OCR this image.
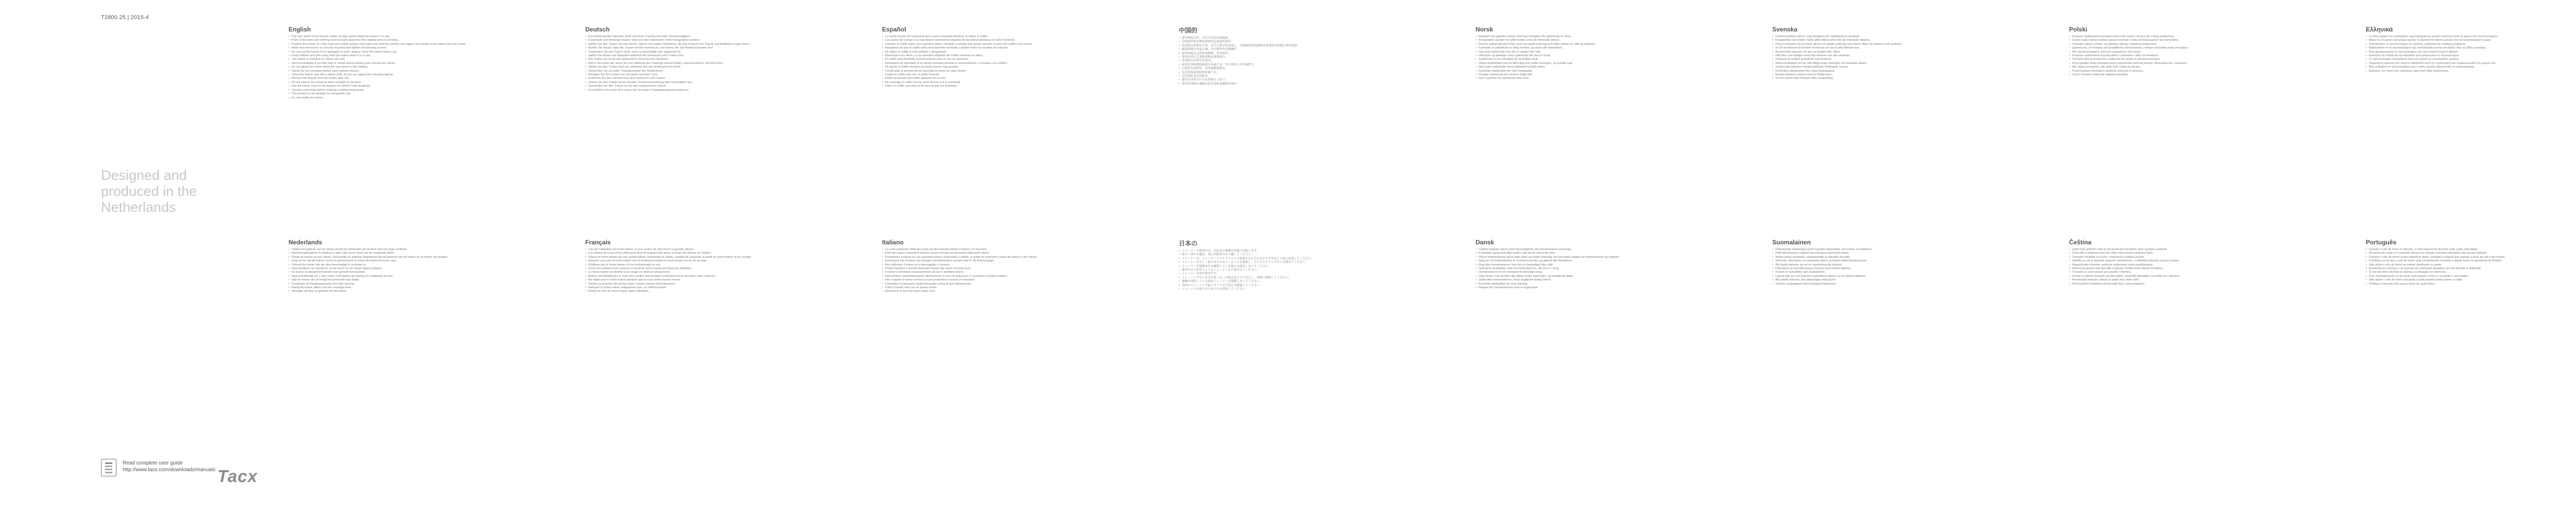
T2800.25 | 2015-4
Designed and produced in the Netherlands
Read complete user guide
http://www.tacx.com/downloads/manuals Tacx
English
• The rear wheel of the bicycle rotates at high speed whilst the trainer is in use.
• Parts of the body and clothing must be kept away from the rotating parts at all times.
• Position the trainer on a flat, level and stable surface and make sure that the surface can support the weight of the trainer plus the cyclist.
• Make sure the trainer is correctly mounted and tighten all clamping screws.
• Do not use the trainer if it is damaged or worn, always check the trainer before use.
• Keep children and pets away from the trainer when it is in use.
• The trainer is intended for indoor use only.
• Stop immediately if you feel faint or unwell during training and consult your doctor.
• Do not adjust the trainer while the rear wheel is still rotating.
• Check the tyre pressure before each training session.
• Clean the trainer only with a damp cloth, do not use aggressive cleaning agents.
• Remove the bicycle from the trainer after use.
• Do not expose the trainer to direct sunlight or moisture.
• Use the trainer only for the purpose for which it was designed.
• Consult a physician before starting a training programme.
• This product is not suitable for therapeutic use.
• Do not modify the trainer.
Deutsch
• Das Hinterrad des Fahrrads dreht sich beim Training mit hoher Geschwindigkeit.
• Körperteile und Kleidung müssen stets von den rotierenden Teilen ferngehalten werden.
• Stellen Sie den Trainer auf eine flache, ebene und stabile Oberfläche, die das Gewicht von Trainer und Radfahrer tragen kann.
• Achten Sie darauf, dass der Trainer korrekt montiert ist, und ziehen Sie alle Klemmschrauben fest.
• Verwenden Sie den Trainer nicht, wenn er beschädigt oder abgenutzt ist.
• Halten Sie Kinder und Haustiere während des Gebrauchs vom Trainer fern.
• Der Trainer ist nur für den Gebrauch in Innenräumen bestimmt.
• Hören Sie sofort auf, wenn Sie sich während des Trainings unwohl fühlen, und konsultieren Sie Ihren Arzt.
• Stellen Sie den Trainer nicht ein, während sich das Hinterrad noch dreht.
• Überprüfen Sie vor jeder Trainingseinheit den Reifendruck.
• Reinigen Sie den Trainer nur mit einem feuchten Tuch.
• Entfernen Sie das Fahrrad nach dem Gebrauch vom Trainer.
• Setzen Sie den Trainer keiner direkten Sonneneinstrahlung oder Feuchtigkeit aus.
• Verwenden Sie den Trainer nur für den vorgesehenen Zweck.
• Konsultieren Sie einen Arzt, bevor Sie mit einem Trainingsprogramm beginnen.
Español
• La rueda trasera de la bicicleta gira a gran velocidad mientras se utiliza el rodillo.
• Las partes del cuerpo y la ropa deben mantenerse alejadas de las piezas giratorias en todo momento.
• Coloque el rodillo sobre una superficie plana, nivelada y estable que pueda soportar el peso del rodillo y del ciclista.
• Asegúrese de que el rodillo esté correctamente montado y apriete todos los tornillos de sujeción.
• No utilice el rodillo si está dañado o desgastado.
• Mantenga a los niños y a los animales alejados del rodillo mientras se utiliza.
• El rodillo está diseñado exclusivamente para su uso en interiores.
• Deténgase de inmediato si se siente mareado durante el entrenamiento y consulte a su médico.
• No ajuste el rodillo mientras la rueda trasera siga girando.
• Compruebe la presión de los neumáticos antes de cada sesión.
• Limpie el rodillo solo con un paño húmedo.
• Retire la bicicleta del rodillo después de su uso.
• No exponga el rodillo a la luz solar directa ni a la humedad.
• Utilice el rodillo solo para el fin para el que fue diseñado.
中国的
• 使用训练台时，自行车后轮高速旋转。
• 身体部位和衣物必须始终远离旋转部件。
• 将训练台放置在平坦、水平且稳定的表面上，并确保该表面能够承受训练台和骑行者的重量。
• 确保训练台安装正确，并拧紧所有夹紧螺钉。
• 如果训练台已损坏或磨损，请勿使用。
• 使用时请让儿童和宠物远离训练台。
• 本训练台仅供室内使用。
• 如果在训练期间感到头晕或不适，请立即停止并咨询医生。
• 后轮仍在旋转时，请勿调整训练台。
• 每次训练前请检查轮胎气压。
• 仅用湿布清洁训练台。
• 使用后请将自行车从训练台上取下。
• 请勿将训练台暴露在阳光直射或潮湿环境中。
Norsk
• Bakhjulet på sykkelen roterer med høy hastighet når sykkelrulla er i bruk.
• Kroppsdeler og klær må alltid holdes unna de roterende delene.
• Plasser sykkelrulla på et flatt, jevnt og stabilt underlag som tåler vekten av rulla og syklisten.
• Kontroller at sykkelrulla er riktig montert, og stram alle klemskruer.
• Ikke bruk sykkelrulla hvis den er skadet eller slitt.
• Hold barn og kjæledyr unna sykkelrulla når den er i bruk.
• Sykkelrulla er kun beregnet for innendørs bruk.
• Stopp umiddelbart hvis du føler deg uvel under treningen, og kontakt lege.
• Ikke juster sykkelrulla mens bakhjulet fortsatt roterer.
• Kontroller dekktrykket før hver treningsøkt.
• Rengjør sykkelrulla kun med en fuktig klut.
• Fjern sykkelen fra sykkelrulla etter bruk.
Svenska
• Cykelns bakhjul roterar i hög hastighet när cykeltränaren används.
• Kroppsdelar och kläder måste alltid hållas borta från de roterande delarna.
• Placera tränaren på ett plant, jämnt och stabilt underlag som klarar vikten av tränaren och cyklisten.
• Se till att tränaren är korrekt monterad och dra åt alla klämskruvar.
• Använd inte tränaren om den är skadad eller sliten.
• Håll barn och husdjur borta från tränaren när den används.
• Tränaren är endast avsedd för inomhusbruk.
• Sluta omedelbart om du mår dåligt under träningen och kontakta läkare.
• Justera inte tränaren medan bakhjulet fortfarande roterar.
• Kontrollera däcktrycket före varje träningspass.
• Rengör tränaren endast med en fuktig trasa.
• Ta bort cykeln från tränaren efter användning.
Polski
• Podczas użytkowania trenażera tylne koło roweru obraca się z dużą prędkością.
• Części ciała i odzież należy zawsze trzymać z dala od obracających się elementów.
• Trenażer należy ustawić na płaskiej, równej i stabilnej powierzchni.
• Upewnij się, że trenażer jest prawidłowo zamontowany, i dokręć wszystkie śruby mocujące.
• Nie używaj trenażera, jeśli jest uszkodzony lub zużyty.
• Podczas użytkowania trzymaj dzieci i zwierzęta z dala od trenażera.
• Trenażer jest przeznaczony wyłącznie do użytku w pomieszczeniach.
• W przypadku złego samopoczucia natychmiast przerwij trening i skonsultuj się z lekarzem.
• Nie reguluj trenażera, gdy tylne koło nadal się obraca.
• Przed każdym treningiem sprawdź ciśnienie w oponach.
• Czyść trenażer wyłącznie wilgotną szmatką.
Ελληνικά
• Ο πίσω τροχός του ποδηλάτου περιστρέφεται με μεγάλη ταχύτητα κατά τη χρήση του προπονητηρίου.
• Μέρη του σώματος και ρούχα πρέπει να βρίσκονται πάντα μακριά από τα περιστρεφόμενα μέρη.
• Τοποθετήστε το προπονητήριο σε επίπεδη, οριζόντια και σταθερή επιφάνεια.
• Βεβαιωθείτε ότι το προπονητήριο έχει τοποθετηθεί σωστά και σφίξτε όλες τις βίδες σύσφιξης.
• Μην χρησιμοποιείτε το προπονητήριο εάν έχει υποστεί ζημιά ή φθορά.
• Κρατήστε τα παιδιά και τα κατοικίδια ζώα μακριά από το προπονητήριο.
• Το προπονητήριο προορίζεται μόνο για χρήση σε εσωτερικούς χώρους.
• Σταματήστε αμέσως εάν νιώσετε αδιαθεσία κατά την προπόνηση και συμβουλευτείτε τον γιατρό σας.
• Μην ρυθμίζετε το προπονητήριο ενώ ο πίσω τροχός εξακολουθεί να περιστρέφεται.
• Ελέγχετε την πίεση των ελαστικών πριν από κάθε προπόνηση.
Nederlands
• Tijdens het gebruik van de trainer draait het achterwiel van de fiets met een hoge snelheid.
• Houd lichaamsdelen en kleding te allen tijde uit de buurt van de draaiende delen.
• Plaats de trainer op een vlakke, horizontale en stabiele ondergrond die het gewicht van de trainer en de fietser kan dragen.
• Zorg ervoor dat de trainer correct is gemonteerd en draai alle klemschroeven vast.
• Gebruik de trainer niet als deze beschadigd of versleten is.
• Houd kinderen en huisdieren uit de buurt van de trainer tijdens gebruik.
• De trainer is uitsluitend bedoeld voor gebruik binnenshuis.
• Stop onmiddellijk als u zich onwel voelt tijdens de training en raadpleeg uw arts.
• Stel de trainer niet af terwijl het achterwiel nog draait.
• Controleer de bandenspanning voor elke training.
• Reinig de trainer alleen met een vochtige doek.
• Verwijder de fiets na gebruik van de trainer.
Français
• Lors de l'utilisation du home trainer, la roue arrière du vélo tourne à grande vitesse.
• Les parties du corps et les vêtements doivent toujours être tenus à l'écart des pièces en rotation.
• Placez le home trainer sur une surface plane, horizontale et stable, capable de supporter le poids du home trainer et du cycliste.
• Assurez-vous que le home trainer est correctement monté et serrez toutes les vis de serrage.
• N'utilisez pas le home trainer s'il est endommagé ou usé.
• Tenez les enfants et les animaux à l'écart du home trainer pendant son utilisation.
• Le home trainer est destiné à un usage en intérieur uniquement.
• Arrêtez immédiatement si vous vous sentez mal pendant l'entraînement et consultez votre médecin.
• Ne réglez pas le home trainer pendant que la roue arrière tourne encore.
• Vérifiez la pression des pneus avant chaque séance d'entraînement.
• Nettoyez le home trainer uniquement avec un chiffon humide.
• Retirez le vélo du home trainer après utilisation.
Italiano
• La ruota posteriore della bici ruota ad alta velocità mentre il trainer è in funzione.
• Parti del corpo e indumenti devono essere sempre tenuti lontani dalle parti rotanti.
• Posizionare il trainer su una superficie piana, orizzontale e stabile, in grado di sostenere il peso del trainer e del ciclista.
• Assicurarsi che il trainer sia montato correttamente e serrare tutte le viti di bloccaggio.
• Non utilizzare il trainer se è danneggiato o usurato.
• Tenere bambini e animali domestici lontani dal trainer durante l'uso.
• Il trainer è destinato esclusivamente all'uso in ambienti interni.
• Interrompere immediatamente l'allenamento in caso di malessere e consultare il proprio medico.
• Non regolare il trainer mentre la ruota posteriore è ancora in rotazione.
• Controllare la pressione degli pneumatici prima di ogni allenamento.
• Pulire il trainer solo con un panno umido.
• Rimuovere la bici dal trainer dopo l'uso.
日本の
• トレーナーの使用中は、自転車の後輪が高速で回転します。
• 体の一部や衣服は、常に回転部分から離してください。
• トレーナーは、トレーナーとサイクリストの重量を支えられる平らで安定した面に設置してください。
• トレーナーが正しく取り付けられていることを確認し、すべてのクランプネジを締めてください。
• トレーナーが損傷または摩耗している場合は使用しないでください。
• 使用中は子供やペットをトレーナーから遠ざけてください。
• トレーナーは屋内専用です。
• トレーニング中に気分が悪くなった場合はすぐに中止し、医師に相談してください。
• 後輪が回転している間はトレーナーを調整しないでください。
• 毎回のトレーニング前にタイヤの空気圧を確認してください。
• トレーナーは湿らせた布でのみ清掃してください。
Dansk
• Cyklens baghjul roterer med høj hastighed, når hometraineren anvendes.
• Kropsdele og tøj skal altid holdes væk fra de roterende dele.
• Placer hometraineren på et fladt, plant og stabilt underlag, der kan bære vægten af hometraineren og cyklisten.
• Sørg for, at hometraineren er monteret korrekt, og spænd alle klemskruer.
• Brug ikke hometraineren, hvis den er beskadiget eller slidt.
• Hold børn og kæledyr væk fra hometraineren, når den er i brug.
• Hometraineren er kun beregnet til indendørs brug.
• Stop straks, hvis du føler dig utilpas under træningen, og kontakt din læge.
• Juster ikke hometraineren, mens baghjulet stadig roterer.
• Kontroller dæktrykket før hver træning.
• Rengør kun hometraineren med en fugtig klud.
Suomalainen
• Polkupyörän takarengas pyörii suurella nopeudella, kun trainer on käytössä.
• Pidä kehonosat ja vaatteet aina kaukana pyörivistä osista.
• Aseta trainer tasaiselle, vaakasuoralle ja vakaalle alustalle.
• Varmista, että trainer on asennettu oikein, ja kiristä kaikki kiinnitysruuvit.
• Älä käytä traineria, jos se on vaurioitunut tai kulunut.
• Pidä lapset ja lemmikit poissa trainerin luota käytön aikana.
• Trainer on tarkoitettu vain sisäkäyttöön.
• Lopeta heti, jos voit huonosti harjoittelun aikana, ja ota yhteys lääkäriin.
• Älä säädä traineria, kun takarengas vielä pyörii.
• Tarkista rengaspaine ennen jokaista harjoitusta.
Čeština
• Zadní kolo jízdního kola se při používání trenažéru otáčí vysokou rychlostí.
• Části těla a oblečení musí být vždy mimo dosah rotujících částí.
• Trenažér umístěte na rovný, vodorovný a stabilní povrch.
• Ujistěte se, že je trenažér správně namontován, a utáhněte všechny upínací šrouby.
• Nepoužívejte trenažér, pokud je poškozený nebo opotřebovaný.
• Během používání udržujte děti a domácí zvířata mimo dosah trenažéru.
• Trenažér je určen pouze pro použití v interiéru.
• Pokud se během tréninku necítíte dobře, okamžitě přestaňte a poraďte se s lékařem.
• Neseřizujte trenažér, dokud se zadní kolo stále otáčí.
• Před každým tréninkem zkontrolujte tlak v pneumatikách.
Português
• Quando o rolo de treino é utilizado, a roda traseira da bicicleta roda a alta velocidade.
• As partes do corpo e o vestuário devem ser sempre mantidos afastados das peças rotativas.
• Coloque o rolo de treino numa superfície plana, nivelada e estável que suporte o peso do rolo e do ciclista.
• Certifique-se de que o rolo de treino está corretamente montado e aperte todos os parafusos de fixação.
• Não utilize o rolo de treino se estiver danificado ou gasto.
• Mantenha as crianças e os animais de estimação afastados do rolo durante a utilização.
• O rolo de treino destina-se apenas a utilização em interiores.
• Pare imediatamente se se sentir mal durante o treino e consulte o seu médico.
• Não ajuste o rolo de treino enquanto a roda traseira ainda estiver a rodar.
• Verifique a pressão dos pneus antes de cada treino.
